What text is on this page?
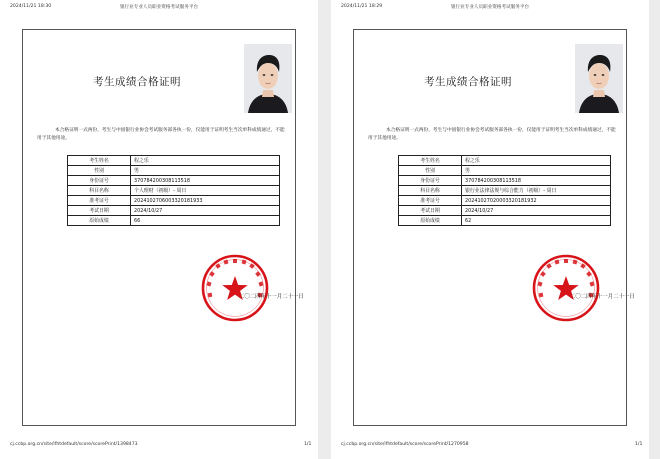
2024/11/21 18:30	银行业专业人员职业资格考试服务平台
考生成绩合格证明

本合格证明一式两份，考生与中国银行业协会考试服务部各执一份，仅能用于证明考生当次单科成绩通过，不能用于其他用途。

考生姓名	程之乐
性别	男
身份证号	370784200308113518
科目名称	个人理财（初级）- 周日
准考证号	2024102706003320181933
考试日期	2024/10/27
原始成绩	66
二〇二四年十一月二十一日
cj.ccbp.org.cn/site/ifhtdefault/score/scorePrint/1398473	1/1
2024/11/21 18:29	银行业专业人员职业资格考试服务平台
考生成绩合格证明

本合格证明一式两份，考生与中国银行业协会考试服务部各执一份，仅能用于证明考生当次单科成绩通过，不能用于其他用途。

考生姓名	程之乐
性别	男
身份证号	370784200308113518
科目名称	银行业法律法规与综合能力（初级）- 周日
准考证号	20241027020003320181932
考试日期	2024/10/27
原始成绩	62
二〇二四年十一月二十一日
cj.ccbp.org.cn/site/ifhtdefault/score/scorePrint/1270958	1/1
